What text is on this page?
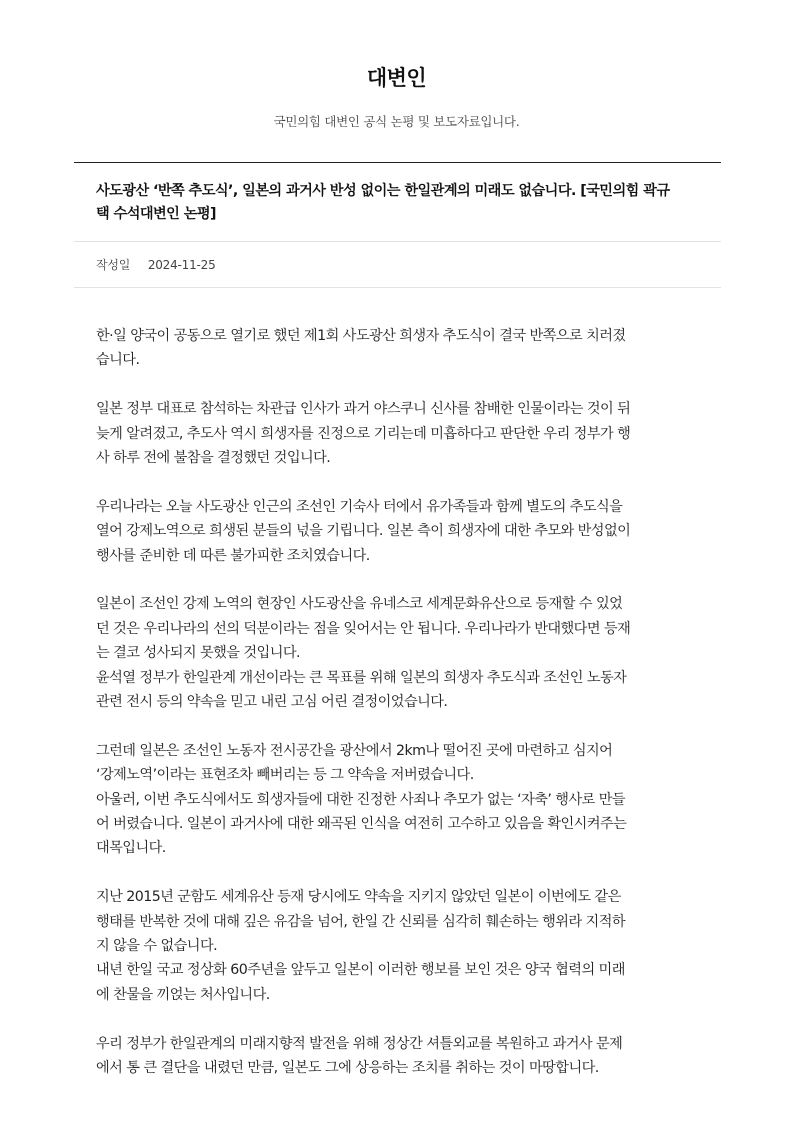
대변인
국민의힘 대변인 공식 논평 및 보도자료입니다.
사도광산 ‘반쪽 추도식’, 일본의 과거사 반성 없이는 한일관계의 미래도 없습니다. [국민의힘 곽규
택 수석대변인 논평]
작성일 2024-11-25

한·일 양국이 공동으로 열기로 했던 제1회 사도광산 희생자 추도식이 결국 반쪽으로 치러졌
습니다.

일본 정부 대표로 참석하는 차관급 인사가 과거 야스쿠니 신사를 참배한 인물이라는 것이 뒤
늦게 알려졌고, 추도사 역시 희생자를 진정으로 기리는데 미흡하다고 판단한 우리 정부가 행
사 하루 전에 불참을 결정했던 것입니다.

우리나라는 오늘 사도광산 인근의 조선인 기숙사 터에서 유가족들과 함께 별도의 추도식을
열어 강제노역으로 희생된 분들의 넋을 기립니다. 일본 측이 희생자에 대한 추모와 반성없이
행사를 준비한 데 따른 불가피한 조치였습니다.

일본이 조선인 강제 노역의 현장인 사도광산을 유네스코 세계문화유산으로 등재할 수 있었
던 것은 우리나라의 선의 덕분이라는 점을 잊어서는 안 됩니다. 우리나라가 반대했다면 등재
는 결코 성사되지 못했을 것입니다.
윤석열 정부가 한일관계 개선이라는 큰 목표를 위해 일본의 희생자 추도식과 조선인 노동자
관련 전시 등의 약속을 믿고 내린 고심 어린 결정이었습니다.

그런데 일본은 조선인 노동자 전시공간을 광산에서 2km나 떨어진 곳에 마련하고 심지어
‘강제노역’이라는 표현조차 빼버리는 등 그 약속을 저버렸습니다.
아울러, 이번 추도식에서도 희생자들에 대한 진정한 사죄나 추모가 없는 ‘자축’ 행사로 만들
어 버렸습니다. 일본이 과거사에 대한 왜곡된 인식을 여전히 고수하고 있음을 확인시켜주는
대목입니다.

지난 2015년 군함도 세계유산 등재 당시에도 약속을 지키지 않았던 일본이 이번에도 같은
행태를 반복한 것에 대해 깊은 유감을 넘어, 한일 간 신뢰를 심각히 훼손하는 행위라 지적하
지 않을 수 없습니다.
내년 한일 국교 정상화 60주년을 앞두고 일본이 이러한 행보를 보인 것은 양국 협력의 미래
에 찬물을 끼얹는 처사입니다.

우리 정부가 한일관계의 미래지향적 발전을 위해 정상간 셔틀외교를 복원하고 과거사 문제
에서 통 큰 결단을 내렸던 만큼, 일본도 그에 상응하는 조치를 취하는 것이 마땅합니다.
